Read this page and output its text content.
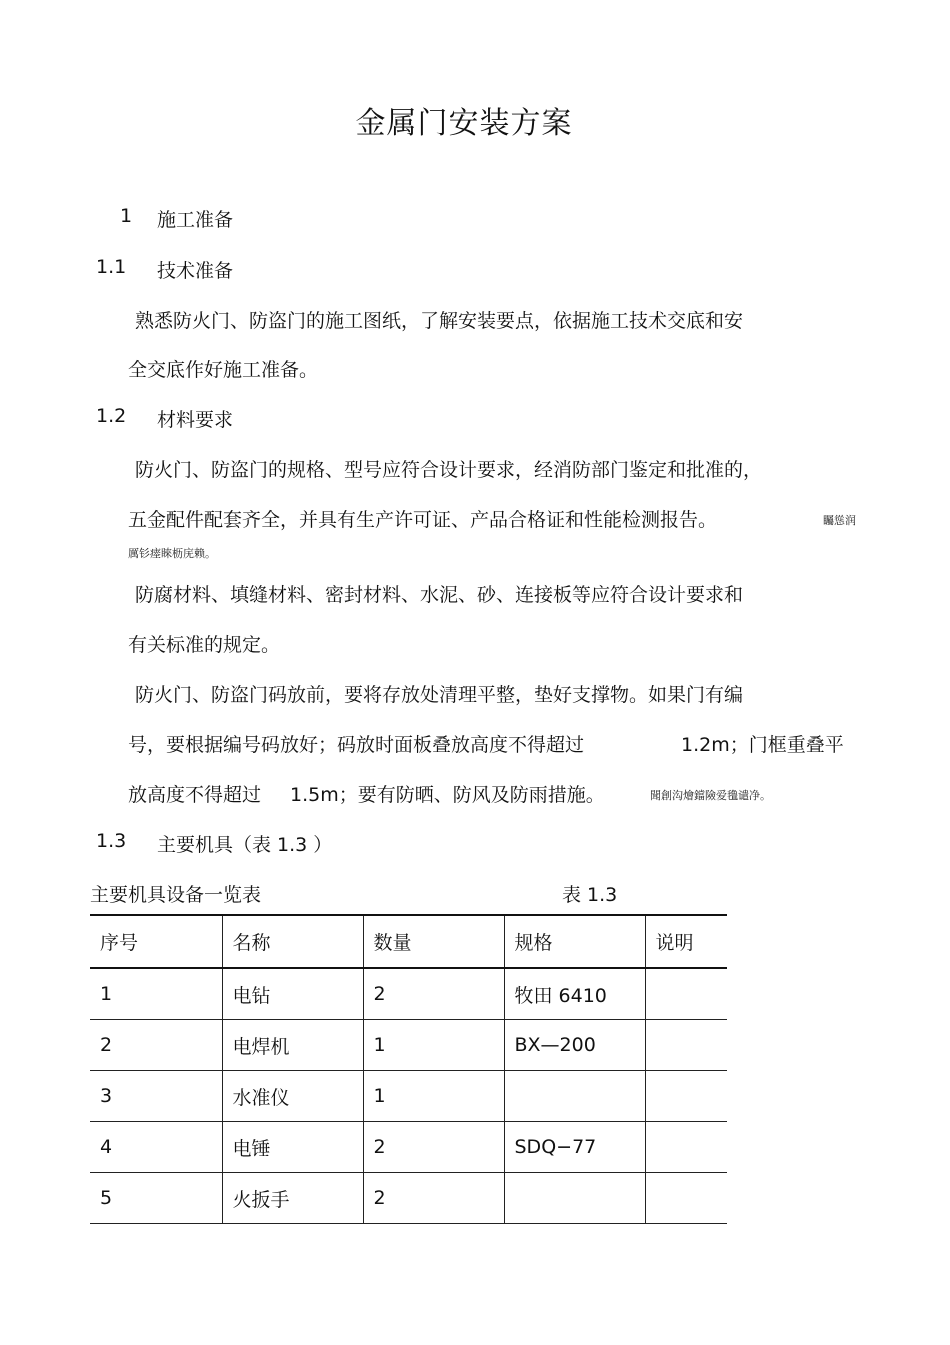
金属门安装方案
1 施工准备
1.1 技术准备
熟悉防火门、防盗门的施工图纸，了解安装要点，依据施工技术交底和安
全交底作好施工准备。
1.2 材料要求
防火门、防盗门的规格、型号应符合设计要求，经消防部门鉴定和批准的，
五金配件配套齐全，并具有生产许可证、产品合格证和性能检测报告。	矚慫润
厲钐瘗睞枥庑赖。
防腐材料、填缝材料、密封材料、水泥、砂、连接板等应符合设计要求和
有关标准的规定。
防火门、防盗门码放前，要将存放处清理平整，垫好支撑物。如果门有编
号，要根据编号码放好；码放时面板叠放高度不得超过	1.2m；门框重叠平
放高度不得超过 1.5m；要有防晒、防风及防雨措施。	聞創沟燴鐺險爱氇谴净。
1.3 主要机具（表 1.3 ）
主要机具设备一览表	表 1.3
序号	名称	数量	规格	说明
1	电钻	2	牧田 6410	
2	电焊机	1	BX—200	
3	水准仪	1		
4	电锤	2	SDQ−77	
5	火扳手	2		
